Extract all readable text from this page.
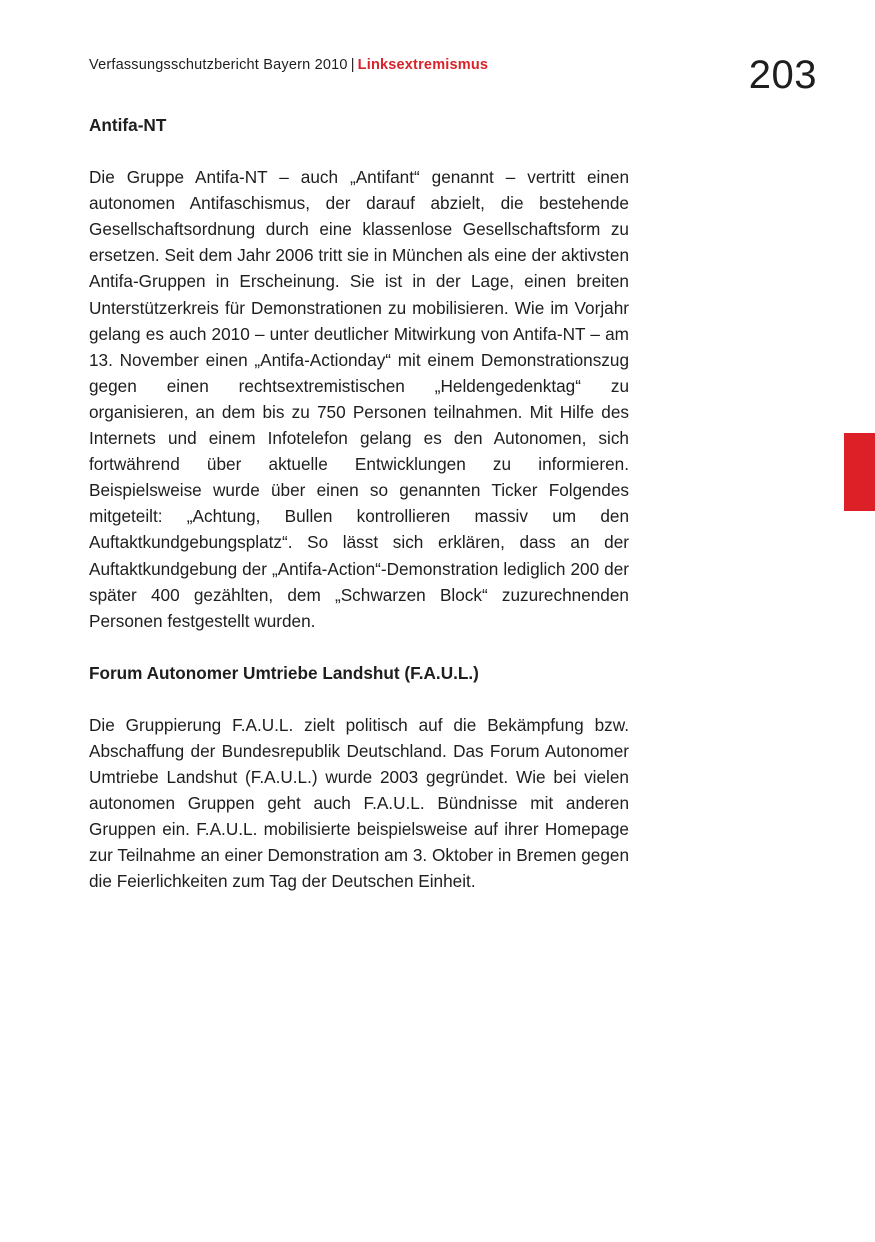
Verfassungsschutzbericht Bayern 2010 | Linksextremismus	203
Antifa-NT

Die Gruppe Antifa-NT – auch „Antifant“ genannt – vertritt einen autonomen Antifaschismus, der darauf abzielt, die bestehende Gesellschaftsordnung durch eine klassenlose Gesellschaftsform zu ersetzen. Seit dem Jahr 2006 tritt sie in München als eine der aktivsten Antifa-Gruppen in Erscheinung. Sie ist in der Lage, einen breiten Unterstützerkreis für Demonstrationen zu mobilisieren. Wie im Vorjahr gelang es auch 2010 – unter deutlicher Mitwirkung von Antifa-NT – am 13. November einen „Antifa-Actionday“ mit einem Demonstrationszug gegen einen rechtsextremistischen „Heldengedenktag“ zu organisieren, an dem bis zu 750 Personen teilnahmen. Mit Hilfe des Internets und einem Infotelefon gelang es den Autonomen, sich fortwährend über aktuelle Entwicklungen zu informieren. Beispielsweise wurde über einen so genannten Ticker Folgendes mitgeteilt: „Achtung, Bullen kontrollieren massiv um den Auftaktkundgebungsplatz“. So lässt sich erklären, dass an der Auftaktkundgebung der „Antifa-Action“-Demonstration lediglich 200 der später 400 gezählten, dem „Schwarzen Block“ zuzurechnenden Personen festgestellt wurden.

Forum Autonomer Umtriebe Landshut (F.A.U.L.)

Die Gruppierung F.A.U.L. zielt politisch auf die Bekämpfung bzw. Abschaffung der Bundesrepublik Deutschland. Das Forum Autonomer Umtriebe Landshut (F.A.U.L.) wurde 2003 gegründet. Wie bei vielen autonomen Gruppen geht auch F.A.U.L. Bündnisse mit anderen Gruppen ein. F.A.U.L. mobilisierte beispielsweise auf ihrer Homepage zur Teilnahme an einer Demonstration am 3. Oktober in Bremen gegen die Feierlichkeiten zum Tag der Deutschen Einheit.
